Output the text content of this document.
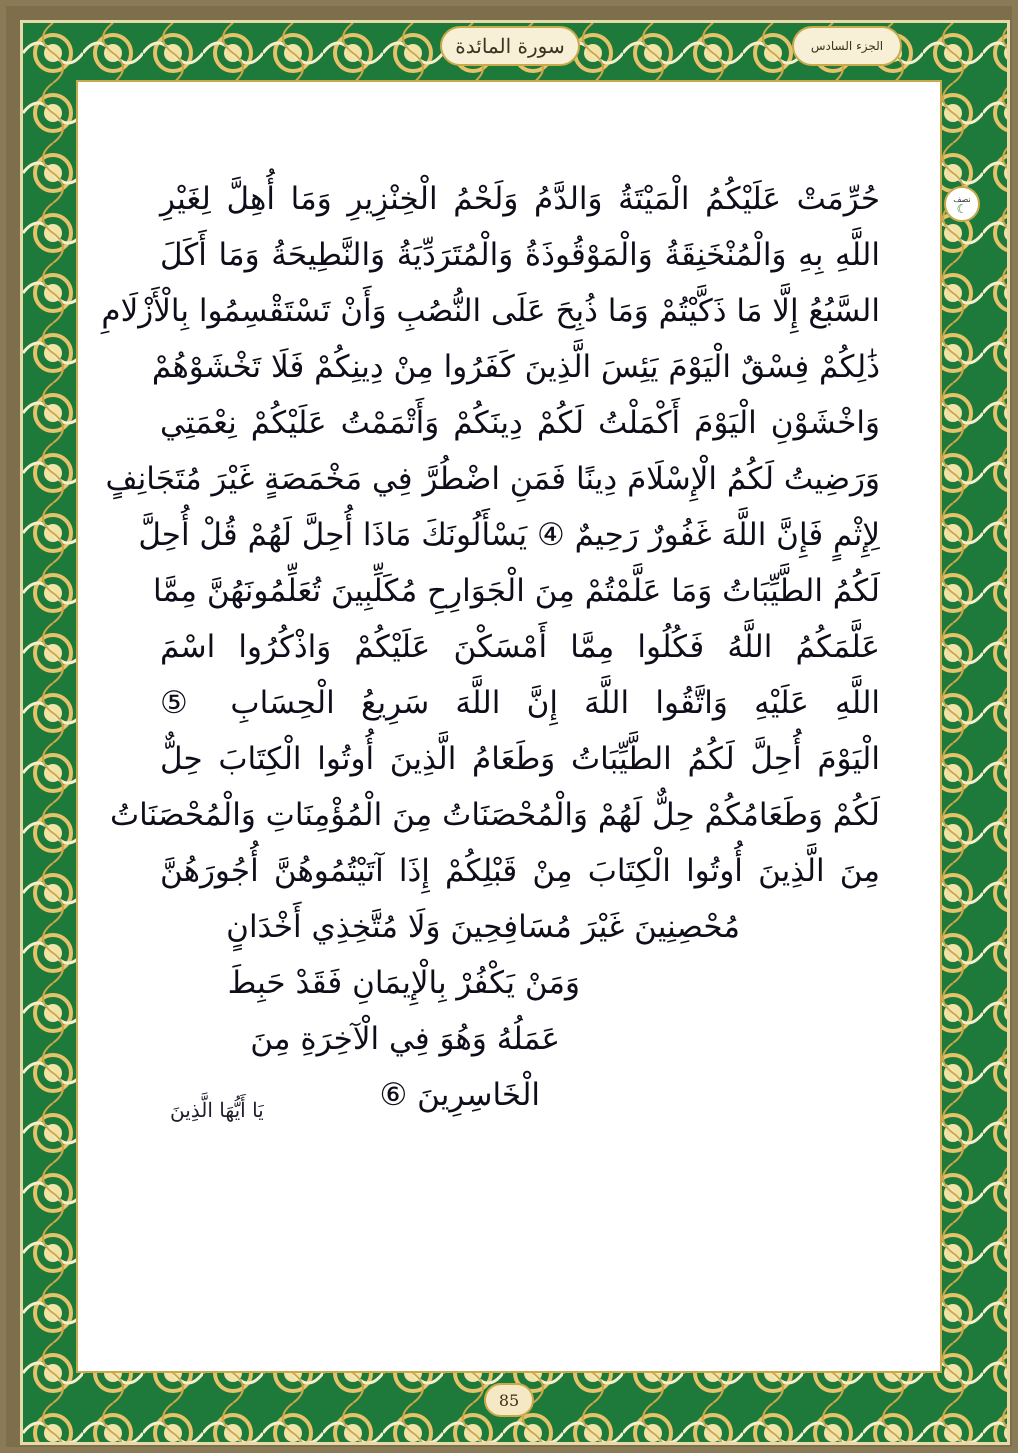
سورة المائدة	الجزء السادس
نصف
☾
حُرِّمَتْ عَلَيْكُمُ الْمَيْتَةُ وَالدَّمُ وَلَحْمُ الْخِنْزِيرِ وَمَا أُهِلَّ لِغَيْرِ
اللَّهِ بِهِ وَالْمُنْخَنِقَةُ وَالْمَوْقُوذَةُ وَالْمُتَرَدِّيَةُ وَالنَّطِيحَةُ وَمَا أَكَلَ
السَّبُعُ إِلَّا مَا ذَكَّيْتُمْ وَمَا ذُبِحَ عَلَى النُّصُبِ وَأَنْ تَسْتَقْسِمُوا بِالْأَزْلَامِ
ذَٰلِكُمْ فِسْقٌ الْيَوْمَ يَئِسَ الَّذِينَ كَفَرُوا مِنْ دِينِكُمْ فَلَا تَخْشَوْهُمْ
وَاخْشَوْنِ الْيَوْمَ أَكْمَلْتُ لَكُمْ دِينَكُمْ وَأَتْمَمْتُ عَلَيْكُمْ نِعْمَتِي
وَرَضِيتُ لَكُمُ الْإِسْلَامَ دِينًا فَمَنِ اضْطُرَّ فِي مَخْمَصَةٍ غَيْرَ مُتَجَانِفٍ
لِإِثْمٍ فَإِنَّ اللَّهَ غَفُورٌ رَحِيمٌ ④ يَسْأَلُونَكَ مَاذَا أُحِلَّ لَهُمْ قُلْ أُحِلَّ
لَكُمُ الطَّيِّبَاتُ وَمَا عَلَّمْتُمْ مِنَ الْجَوَارِحِ مُكَلِّبِينَ تُعَلِّمُونَهُنَّ مِمَّا
عَلَّمَكُمُ اللَّهُ فَكُلُوا مِمَّا أَمْسَكْنَ عَلَيْكُمْ وَاذْكُرُوا اسْمَ
اللَّهِ عَلَيْهِ وَاتَّقُوا اللَّهَ إِنَّ اللَّهَ سَرِيعُ الْحِسَابِ ⑤
الْيَوْمَ أُحِلَّ لَكُمُ الطَّيِّبَاتُ وَطَعَامُ الَّذِينَ أُوتُوا الْكِتَابَ حِلٌّ
لَكُمْ وَطَعَامُكُمْ حِلٌّ لَهُمْ وَالْمُحْصَنَاتُ مِنَ الْمُؤْمِنَاتِ وَالْمُحْصَنَاتُ
مِنَ الَّذِينَ أُوتُوا الْكِتَابَ مِنْ قَبْلِكُمْ إِذَا آتَيْتُمُوهُنَّ أُجُورَهُنَّ
مُحْصِنِينَ غَيْرَ مُسَافِحِينَ وَلَا مُتَّخِذِي أَخْدَانٍ
وَمَنْ يَكْفُرْ بِالْإِيمَانِ فَقَدْ حَبِطَ
عَمَلُهُ وَهُوَ فِي الْآخِرَةِ مِنَ
الْخَاسِرِينَ ⑥
يَا أَيُّهَا الَّذِينَ
85
